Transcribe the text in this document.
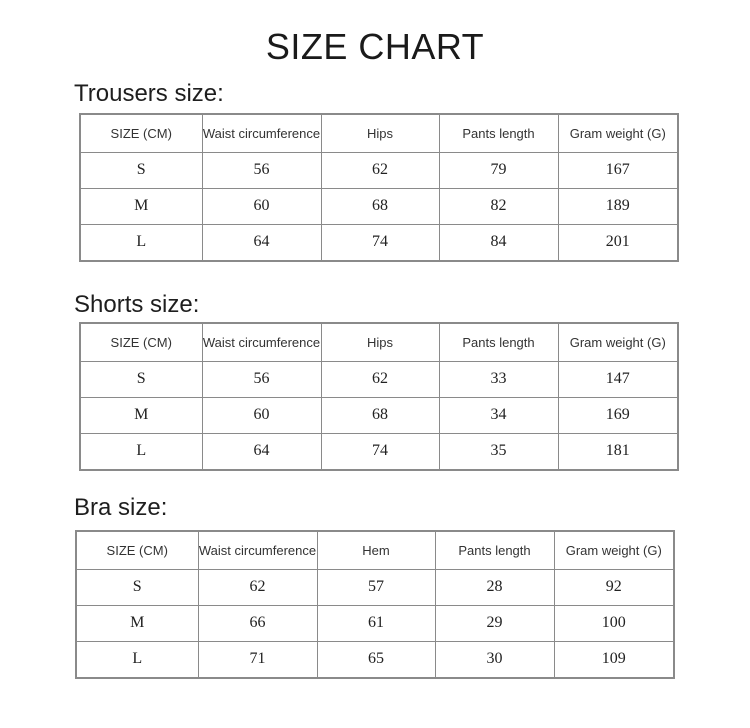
SIZE CHART
Trousers size:
SIZE (CM)	Waist circumference	Hips	Pants length	Gram weight (G)
S	56	62	79	167
M	60	68	82	189
L	64	74	84	201
Shorts size:
SIZE (CM)	Waist circumference	Hips	Pants length	Gram weight (G)
S	56	62	33	147
M	60	68	34	169
L	64	74	35	181
Bra size:
SIZE (CM)	Waist circumference	Hem	Pants length	Gram weight (G)
S	62	57	28	92
M	66	61	29	100
L	71	65	30	109
